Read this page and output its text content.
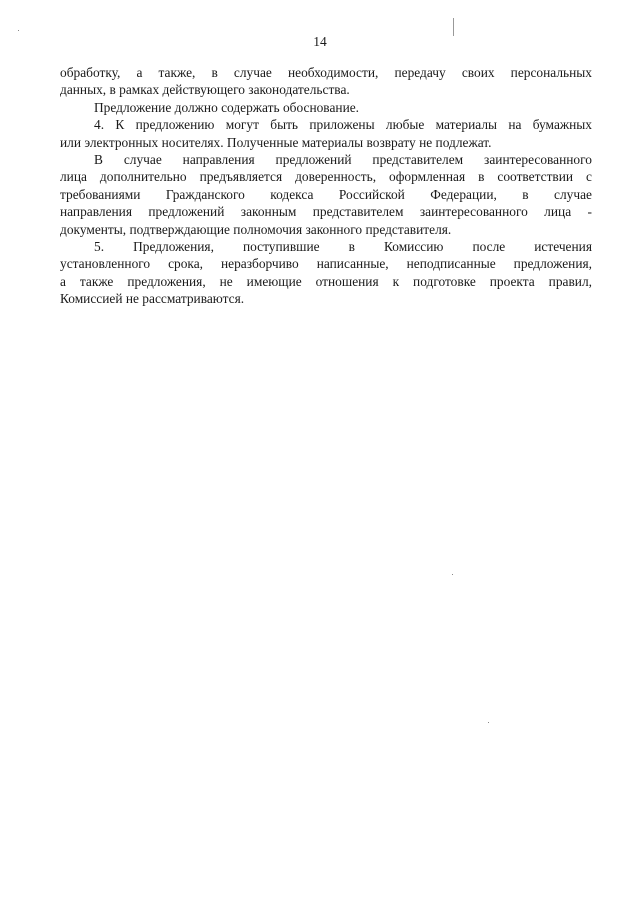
14

обработку, а также, в случае необходимости, передачу своих персональных
данных, в рамках действующего законодательства.

Предложение должно содержать обоснование.

4. К предложению могут быть приложены любые материалы на бумажных
или электронных носителях. Полученные материалы возврату не подлежат.

В случае направления предложений представителем заинтересованного
лица дополнительно предъявляется доверенность, оформленная в соответствии с
требованиями Гражданского кодекса Российской Федерации, в случае
направления предложений законным представителем заинтересованного лица -
документы, подтверждающие полномочия законного представителя.

5. Предложения, поступившие в Комиссию после истечения
установленного срока, неразборчиво написанные, неподписанные предложения,
а также предложения, не имеющие отношения к подготовке проекта правил,
Комиссией не рассматриваются.
